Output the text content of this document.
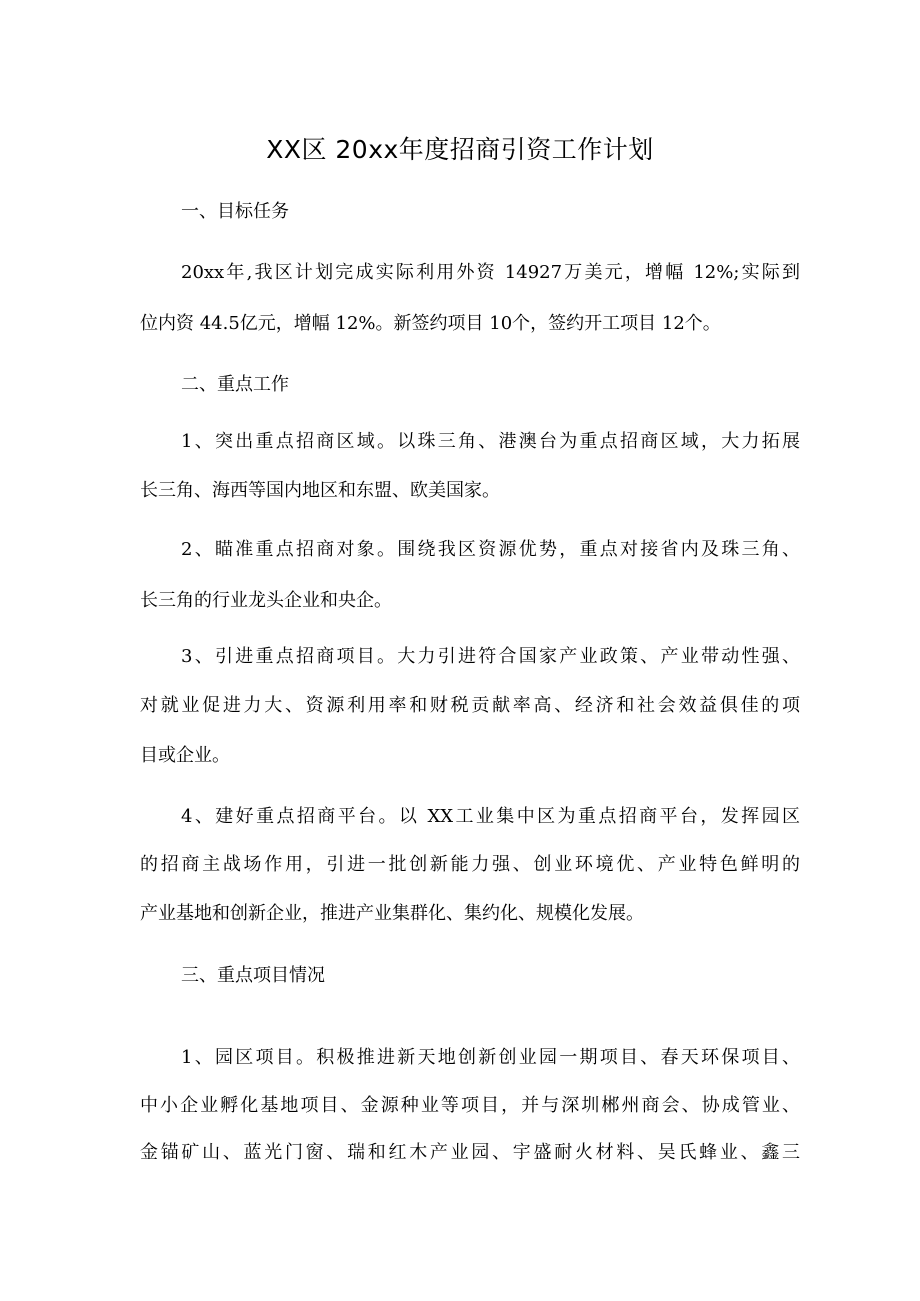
XX区 20xx年度招商引资工作计划
一、目标任务
20xx年,我区计划完成实际利用外资 14927万美元，增幅 12%;实际到
位内资 44.5亿元，增幅 12%。新签约项目 10个，签约开工项目 12个。
二、重点工作
1、突出重点招商区域。以珠三角、港澳台为重点招商区域，大力拓展
长三角、海西等国内地区和东盟、欧美国家。
2、瞄准重点招商对象。围绕我区资源优势，重点对接省内及珠三角、
长三角的行业龙头企业和央企。
3、引进重点招商项目。大力引进符合国家产业政策、产业带动性强、
对就业促进力大、资源利用率和财税贡献率高、经济和社会效益俱佳的项
目或企业。
4、建好重点招商平台。以 XX工业集中区为重点招商平台，发挥园区
的招商主战场作用，引进一批创新能力强、创业环境优、产业特色鲜明的
产业基地和创新企业，推进产业集群化、集约化、规模化发展。
三、重点项目情况
1、园区项目。积极推进新天地创新创业园一期项目、春天环保项目、
中小企业孵化基地项目、金源种业等项目，并与深圳郴州商会、协成管业、
金锚矿山、蓝光门窗、瑞和红木产业园、宇盛耐火材料、吴氏蜂业、鑫三
